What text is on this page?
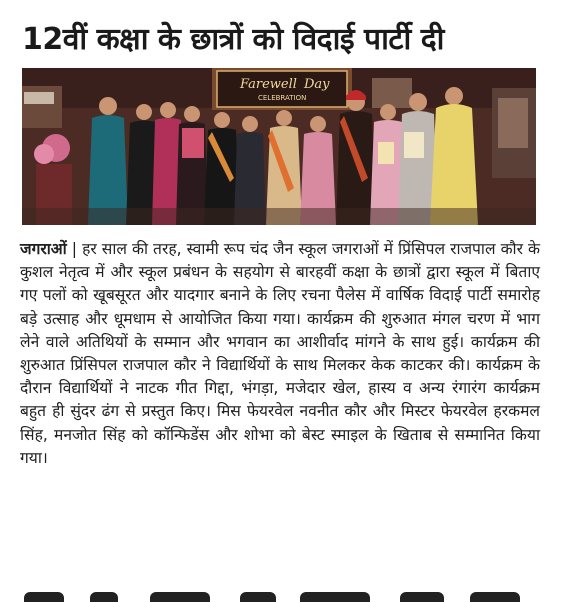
12वीं कक्षा के छात्रों को विदाई पार्टी दी
Farewell Day
CELEBRATION
जगराओं | हर साल की तरह, स्वामी रूप चंद जैन स्कूल जगराओं में प्रिंसिपल राजपाल कौर के कुशल नेतृत्व में और स्कूल प्रबंधन के सहयोग से बारहवीं कक्षा के छात्रों द्वारा स्कूल में बिताए गए पलों को खूबसूरत और यादगार बनाने के लिए रचना पैलेस में वार्षिक विदाई पार्टी समारोह बड़े उत्साह और धूमधाम से आयोजित किया गया। कार्यक्रम की शुरुआत मंगल चरण में भाग लेने वाले अतिथियों के सम्मान और भगवान का आशीर्वाद मांगने के साथ हुई। कार्यक्रम की शुरुआत प्रिंसिपल राजपाल कौर ने विद्यार्थियों के साथ मिलकर केक काटकर की। कार्यक्रम के दौरान विद्यार्थियों ने नाटक गीत गिद्दा, भंगड़ा, मजेदार खेल, हास्य व अन्य रंगारंग कार्यक्रम बहुत ही सुंदर ढंग से प्रस्तुत किए। मिस फेयरवेल नवनीत कौर और मिस्टर फेयरवेल हरकमल सिंह, मनजोत सिंह को कॉन्फिडेंस और शोभा को बेस्ट स्माइल के खिताब से सम्मानित किया गया।
